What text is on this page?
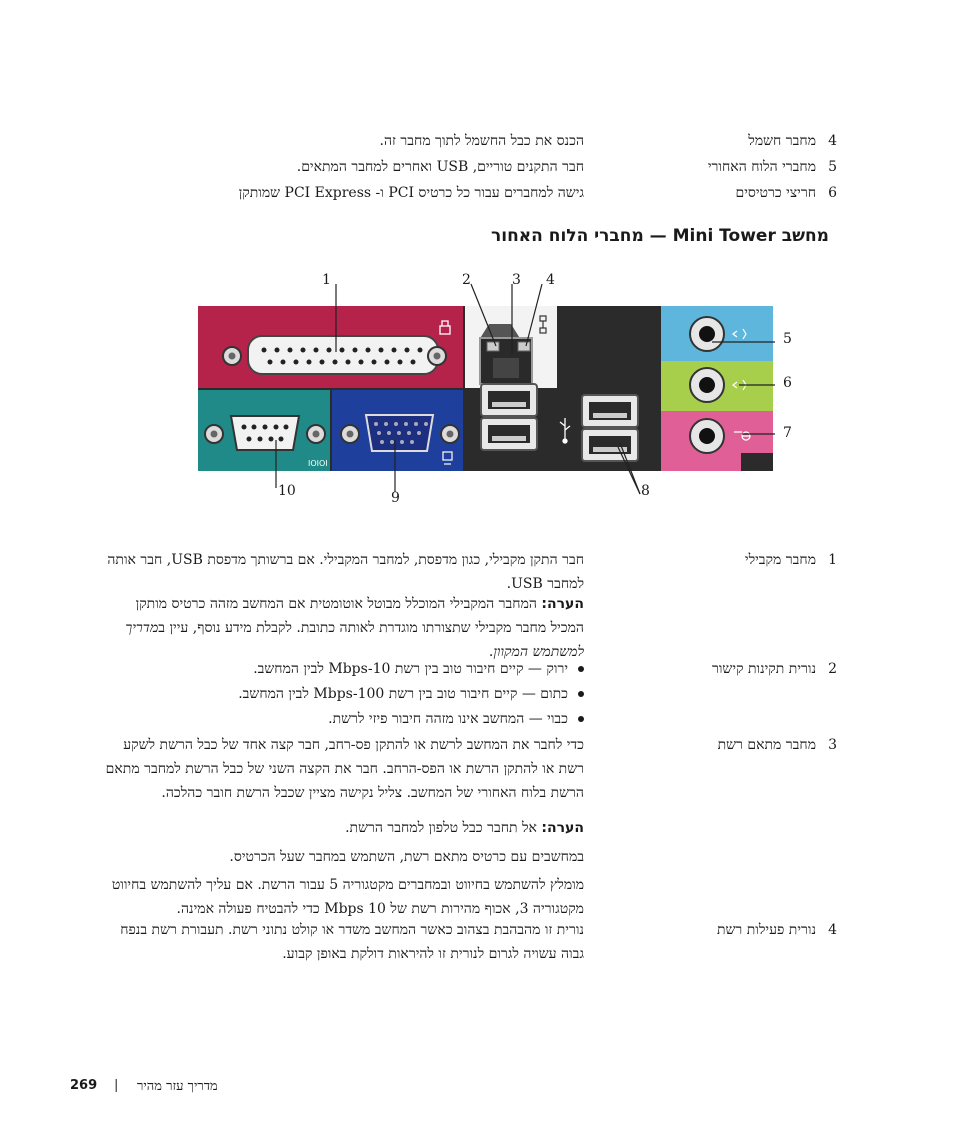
4
מחבר חשמל
הכנס את כבל החשמל לתוך מחבר זה.
5
מחברי הלוח האחורי
חבר התקנים טוריים, USB ואחרים למחבר המתאים.
6
חריצי כרטיסים
גישה למחברים עבור כל כרטיס PCI ו- PCI Express שמותקן
מחשב Mini Tower — מחברי הלוח האחור
IOIOI
1	2	3 4
5
6
7
8
9
10
1
מחבר מקבילי
חבר התקן מקבילי, כגון מדפסת, למחבר המקבילי. אם ברשותך מדפסת USB, חבר אותה למחבר USB.
הערה: המחבר המקבילי המוכלל מבוטל אוטומטית אם המחשב מזהה כרטיס מותקן המכיל מחבר מקבילי שתצורתו מוגדרת לאותה כתובת. לקבלת מידע נוסף, עיין במדריך למשתמש המקוון.
2
נורית תקינות קישור
ירוק — קיים חיבור טוב בין רשת 10-Mbps לבין המחשב.
כתום — קיים חיבור טוב בין רשת 100-Mbps לבין המחשב.
כבוי — המחשב אינו מזהה חיבור פיזי לרשת.
3
מחבר מתאם רשת
כדי לחבר את המחשב לרשת או להתקן פס-רחב, חבר קצה אחד של כבל הרשת לשקע רשת או להתקן הרשת או הפס-הרחב. חבר את הקצה השני של כבל הרשת למחבר מתאם הרשת בלוח האחורי של המחשב. צליל נקישה מציין שכבל הרשת חובר כהלכה.
הערה: אל תחבר כבל טלפון למחבר הרשת.
במחשבים עם כרטיס מתאם רשת, השתמש במחבר שעל הכרטיס.
מומלץ להשתמש בחיווט ובמחברים מקטגוריה 5 עבור הרשת. אם עליך להשתמש בחיווט מקטגוריה 3, אכוף מהירות רשת של 10 Mbps כדי להבטיח פעולה אמינה.
4
נורית פעילות רשת
נורית זו מהבהבת בצהוב כאשר המחשב משדר או קולט נתוני רשת. תעבורת רשת בנפח גבוה עשויה לגרום לנורית זו להיראות דולקת באופן קבוע.
269 | מדריך עזר מהיר
